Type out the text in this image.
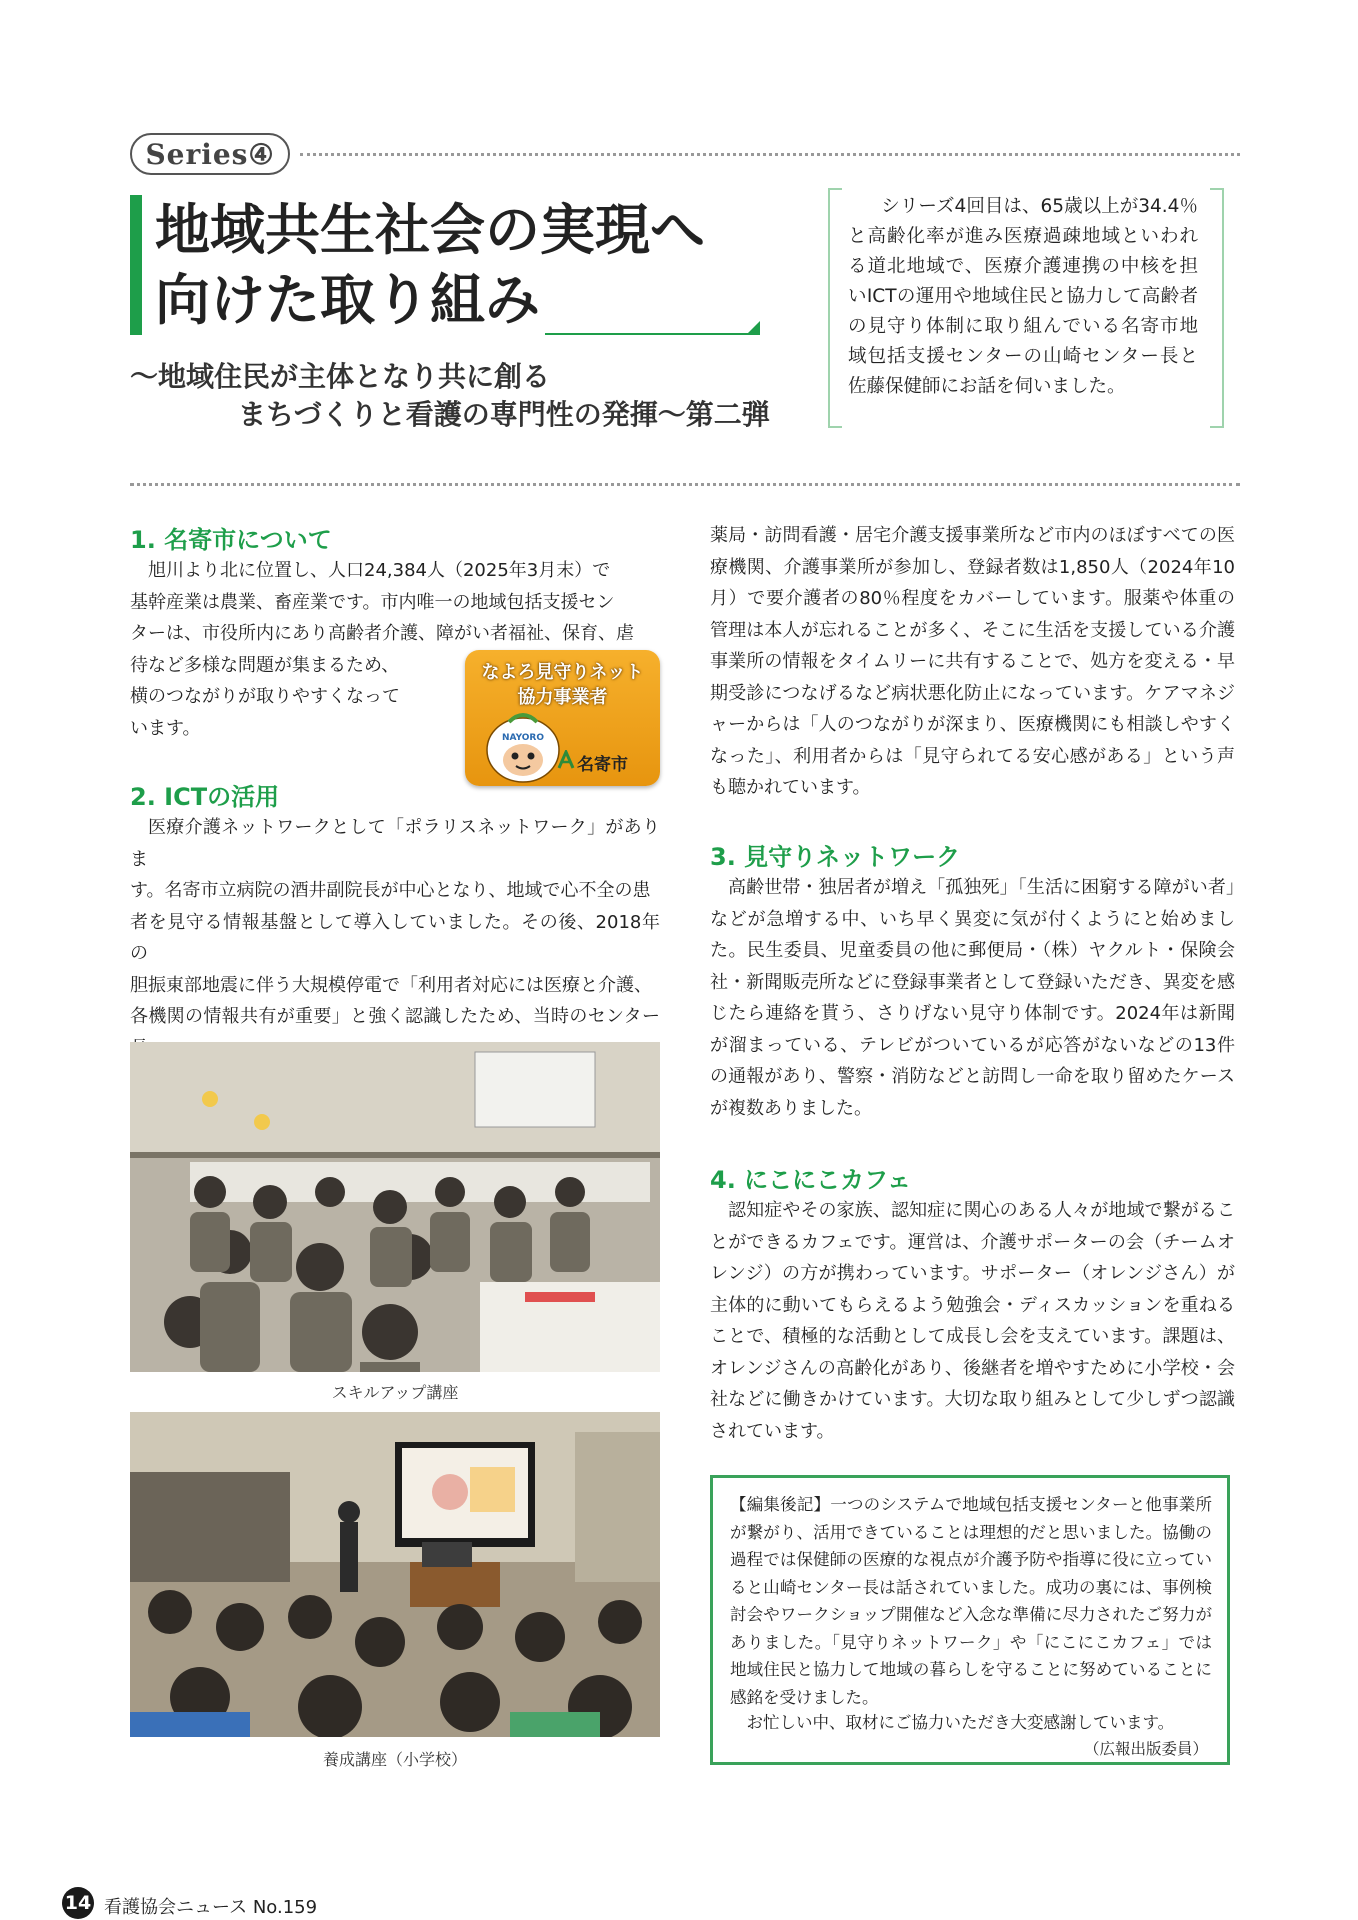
Series④
地域共生社会の実現へ
向けた取り組み
〜地域住民が主体となり共に創る
まちづくりと看護の専門性の発揮〜第二弾

シリーズ4回目は、65歳以上が34.4％と高齢化率が進み医療過疎地域といわれる道北地域で、医療介護連携の中核を担いICTの運用や地域住民と協力して高齢者の見守り体制に取り組んでいる名寄市地域包括支援センターの山崎センター長と佐藤保健師にお話を伺いました。

1. 名寄市について

旭川より北に位置し、人口24,384人（2025年3月末）で

基幹産業は農業、畜産業です。市内唯一の地域包括支援セン

ターは、市役所内にあり高齢者介護、障がい者福祉、保育、虐

待など多様な問題が集まるため、

横のつながりが取りやすくなって

います。

なよろ見守りネット
協力事業者
NAYORO
名寄市
2. ICTの活用

医療介護ネットワークとして「ポラリスネットワーク」がありま

す。名寄市立病院の酒井副院長が中心となり、地域で心不全の患

者を見守る情報基盤として導入していました。その後、2018年の

胆振東部地震に伴う大規模停電で「利用者対応には医療と介護、

各機関の情報共有が重要」と強く認識したため、当時のセンター

スキルアップ講座
養成講座（小学校）

薬局・訪問看護・居宅介護支援事業所など市内のほぼすべての医療機関、介護事業所が参加し、登録者数は1,850人（2024年10月）で要介護者の80％程度をカバーしています。服薬や体重の管理は本人が忘れることが多く、そこに生活を支援している介護事業所の情報をタイムリーに共有することで、処方を変える・早期受診につなげるなど病状悪化防止になっています。ケアマネジャーからは「人のつながりが深まり、医療機関にも相談しやすくなった」、利用者からは「見守られてる安心感がある」という声も聴かれています。

3. 見守りネットワーク

高齢世帯・独居者が増え「孤独死」「生活に困窮する障がい者」などが急増する中、いち早く異変に気が付くようにと始めました。民生委員、児童委員の他に郵便局・（株）ヤクルト・保険会社・新聞販売所などに登録事業者として登録いただき、異変を感じたら連絡を貰う、さりげない見守り体制です。2024年は新聞が溜まっている、テレビがついているが応答がないなどの13件の通報があり、警察・消防などと訪問し一命を取り留めたケースが複数ありました。

4. にこにこカフェ

認知症やその家族、認知症に関心のある人々が地域で繋がることができるカフェです。運営は、介護サポーターの会（チームオレンジ）の方が携わっています。サポーター（オレンジさん）が主体的に動いてもらえるよう勉強会・ディスカッションを重ねることで、積極的な活動として成長し会を支えています。課題は、オレンジさんの高齢化があり、後継者を増やすために小学校・会社などに働きかけています。大切な取り組みとして少しずつ認識されています。

【編集後記】一つのシステムで地域包括支援センターと他事業所が繋がり、活用できていることは理想的だと思いました。協働の過程では保健師の医療的な視点が介護予防や指導に役に立っていると山崎センター長は話されていました。成功の裏には、事例検討会やワークショップ開催など入念な準備に尽力されたご努力がありました。「見守りネットワーク」や「にこにこカフェ」では地域住民と協力して地域の暮らしを守ることに努めていることに感銘を受けました。

お忙しい中、取材にご協力いただき大変感謝しています。

（広報出版委員）
14 看護協会ニュース No.159
